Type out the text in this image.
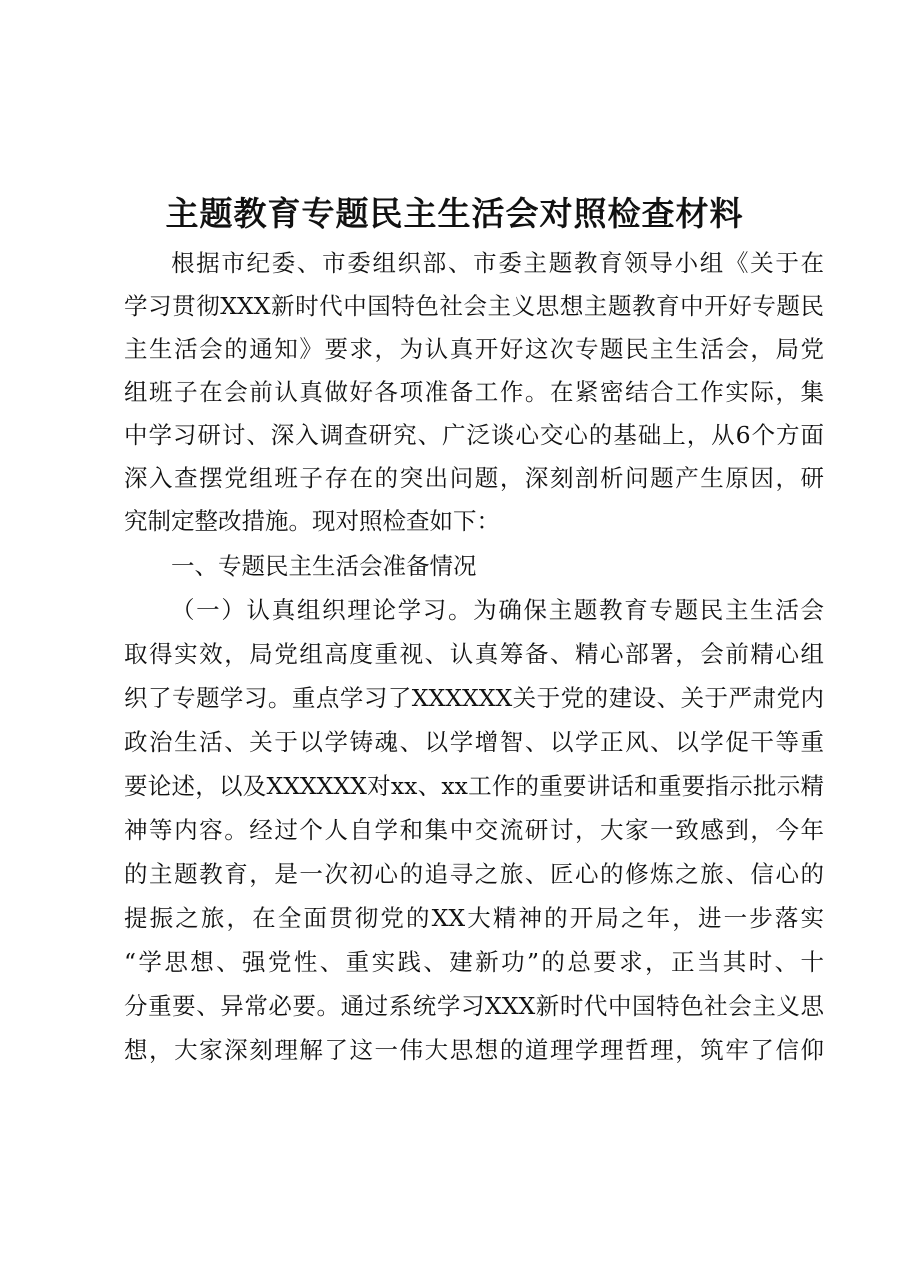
主题教育专题民主生活会对照检查材料
根据市纪委、市委组织部、市委主题教育领导小组《关于在
学习贯彻XXX新时代中国特色社会主义思想主题教育中开好专题民
主生活会的通知》要求，为认真开好这次专题民主生活会，局党
组班子在会前认真做好各项准备工作。在紧密结合工作实际，集
中学习研讨、深入调查研究、广泛谈心交心的基础上，从6个方面
深入查摆党组班子存在的突出问题，深刻剖析问题产生原因，研
究制定整改措施。现对照检查如下：
一、专题民主生活会准备情况
（一）认真组织理论学习。为确保主题教育专题民主生活会
取得实效，局党组高度重视、认真筹备、精心部署，会前精心组
织了专题学习。重点学习了XXXXXX关于党的建设、关于严肃党内
政治生活、关于以学铸魂、以学增智、以学正风、以学促干等重
要论述，以及XXXXXX对xx、xx工作的重要讲话和重要指示批示精
神等内容。经过个人自学和集中交流研讨，大家一致感到，今年
的主题教育，是一次初心的追寻之旅、匠心的修炼之旅、信心的
提振之旅，在全面贯彻党的XX大精神的开局之年，进一步落实
“学思想、强党性、重实践、建新功”的总要求，正当其时、十
分重要、异常必要。通过系统学习XXX新时代中国特色社会主义思
想，大家深刻理解了这一伟大思想的道理学理哲理，筑牢了信仰
